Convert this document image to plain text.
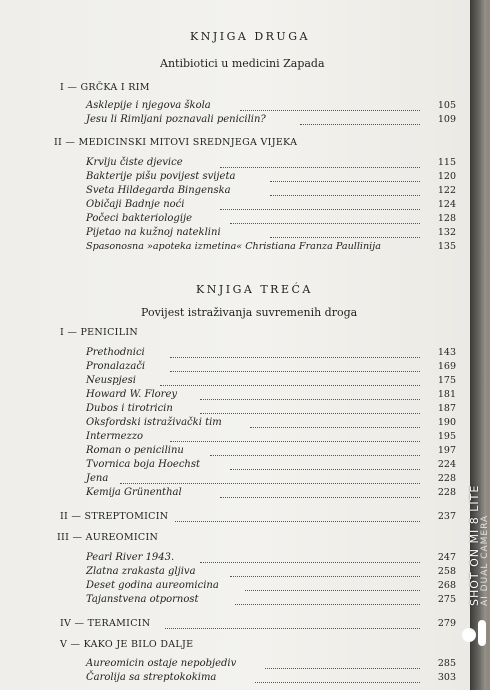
KNJIGA DRUGA
Antibiotici u medicini Zapada
I — GRČKA I RIM
Asklepije i njegova škola	105
Jesu li Rimljani poznavali penicilin?	109
II — MEDICINSKI MITOVI SREDNJEGA VIJEKA
Krvlju čiste djevice	115
Bakterije pišu povijest svijeta	120
Sveta Hildegarda Bingenska	122
Običaji Badnje noći	124
Počeci bakteriologije	128
Pijetao na kužnoj nateklini	132
Spasonosna »apoteka izmetina« Christiana Franza Paullinija	135
KNJIGA TREĆA
Povijest istraživanja suvremenih droga
I — PENICILIN
Prethodnici	143
Pronalazači	169
Neuspjesi	175
Howard W. Florey	181
Dubos i tirotricin	187
Oksfordski istraživački tim	190
Intermezzo	195
Roman o penicilinu	197
Tvornica boja Hoechst	224
Jena	228
Kemija Grünenthal	228
II — STREPTOMICIN	237
III — AUREOMICIN
Pearl River 1943.	247
Zlatna zrakasta gljiva	258
Deset godina aureomicina	268
Tajanstvena otpornost	275
IV — TERAMICIN	279
V — KAKO JE BILO DALJE
Aureomicin ostaje nepobjediv	285
Čarolija sa streptokokima	303
SHOT ON MI 8 LITE AI DUAL CAMERA
